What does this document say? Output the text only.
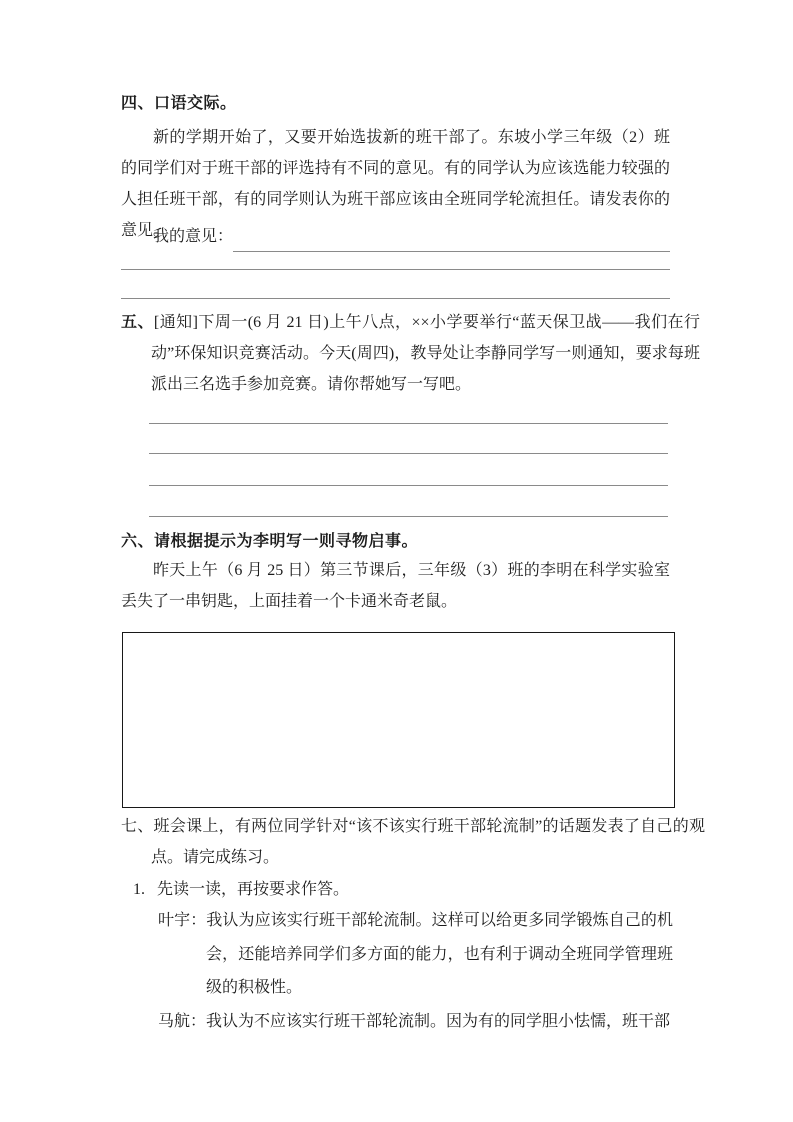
四、口语交际。
新的学期开始了，又要开始选拔新的班干部了。东坡小学三年级（2）班的同学们对于班干部的评选持有不同的意见。有的同学认为应该选能力较强的人担任班干部，有的同学则认为班干部应该由全班同学轮流担任。请发表你的意见。
我的意见：
五、[通知]下周一(6 月 21 日)上午八点，××小学要举行“蓝天保卫战——我们在行动”环保知识竞赛活动。今天(周四)，教导处让李静同学写一则通知，要求每班派出三名选手参加竞赛。请你帮她写一写吧。
六、请根据提示为李明写一则寻物启事。
昨天上午（6 月 25 日）第三节课后，三年级（3）班的李明在科学实验室丢失了一串钥匙，上面挂着一个卡通米奇老鼠。
七、班会课上，有两位同学针对“该不该实行班干部轮流制”的话题发表了自己的观点。请完成练习。
1. 先读一读，再按要求作答。

叶宇：我认为应该实行班干部轮流制。这样可以给更多同学锻炼自己的机会，还能培养同学们多方面的能力，也有利于调动全班同学管理班级的积极性。

马航：我认为不应该实行班干部轮流制。因为有的同学胆小怯懦，班干部
